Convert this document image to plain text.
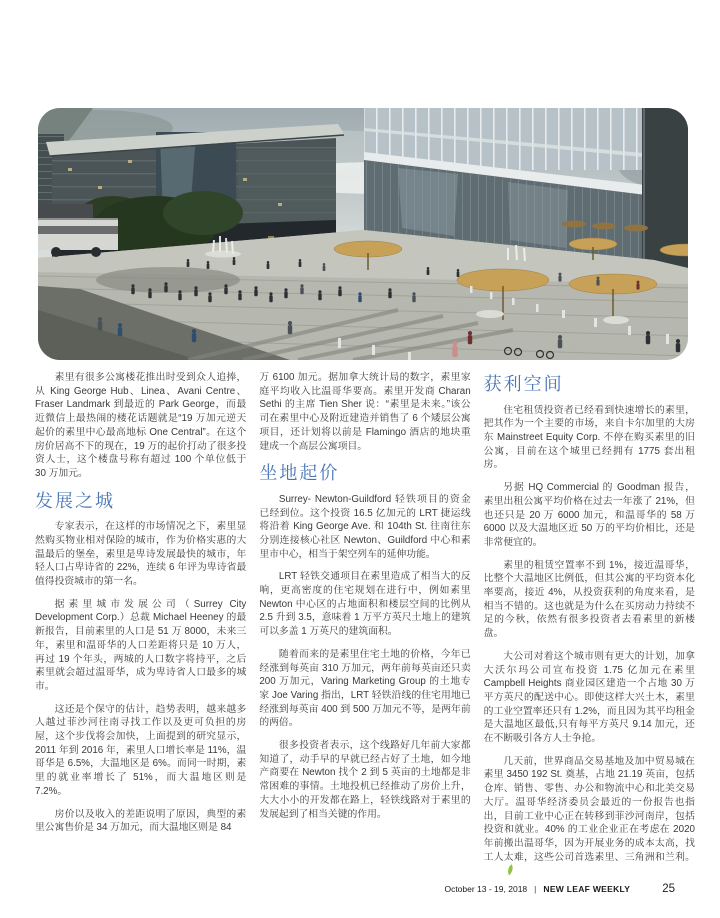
素里有很多公寓楼花推出时受到众人追捧，从 King George Hub、Linea、Avani Centre、Fraser Landmark 到最近的 Park George，而最近微信上最热闹的楼花话题就是“19 万加元逆天起价的素里中心最高地标 One Central”。在这个房价居高不下的现在，19 万的起价打动了很多投资人士，这个楼盘号称有超过 100 个单位低于 30 万加元。

发展之城

专家表示，在这样的市场情况之下，素里显然购买物业相对保险的城市，作为价格实惠的大温最后的堡垒，素里是卑诗发展最快的城市，年轻人口占卑诗省的 22%，连续 6 年评为卑诗省最值得投资城市的第一名。

据素里城市发展公司（Surrey City Development Corp.）总裁 Michael Heeney 的最新报告，目前素里的人口是 51 万 8000，未来三年，素里和温哥华的人口差距将只是 10 万人，再过 19 个年头，两城的人口数字将持平，之后素里就会超过温哥华，成为卑诗省人口最多的城市。

这还是个保守的估计，趋势表明，越来越多人越过菲沙河往南寻找工作以及更可负担的房屋，这个步伐将会加快，上面提到的研究显示，2011 年到 2016 年，素里人口增长率是 11%，温哥华是 6.5%，大温地区是 6%。而同一时期，素里的就业率增长了 51%，而大温地区则是 7.2%。

房价以及收入的差距说明了原因，典型的素里公寓售价是 34 万加元，而大温地区则是 84

万 6100 加元。据加拿大统计局的数字，素里家庭平均收入比温哥华要高。素里开发商 Charan Sethi 的主席 Tien Sher 说：“素里是未来。”该公司在素里中心及附近建造并销售了 6 个矮层公寓项目，还计划将以前是 Flamingo 酒店的地块重建成一个高层公寓项目。

坐地起价

Surrey- Newton-Guildford 轻铁项目的资金已经到位。这个投资 16.5 亿加元的 LRT 捷运线将沿着 King George Ave. 和 104th St. 往南往东分别连接核心社区 Newton、Guildford 中心和素里市中心，相当于架空列车的延伸功能。

LRT 轻铁交通项目在素里造成了相当大的反响，更高密度的住宅规划在进行中，例如素里 Newton 中心区的占地面积和楼层空间的比例从 2.5 升到 3.5，意味着 1 万平方英尺土地上的建筑可以多盖 1 万英尺的建筑面积。

随着而来的是素里住宅土地的价格，今年已经涨到每英亩 310 万加元，两年前每英亩还只卖 200 万加元，Varing Marketing Group 的土地专家 Joe Varing 指出，LRT 轻铁沿线的住宅用地已经涨到每英亩 400 到 500 万加元不等，是两年前的两倍。

很多投资者表示，这个线路好几年前大家都知道了，动手早的早就已经占好了土地，如今地产商要在 Newton 找个 2 到 5 英亩的土地都是非常困难的事情。土地投机已经推动了房价上升，大大小小的开发都在路上，轻铁线路对于素里的发展起到了相当关键的作用。

获利空间

住宅租赁投资者已经看到快速增长的素里，把其作为一个主要的市场，来自卡尔加里的大房东 Mainstreet Equity Corp. 不停在购买素里的旧公寓，目前在这个城里已经拥有 1775 套出租房。

另据 HQ Commercial 的 Goodman 报告，素里出租公寓平均价格在过去一年涨了 21%，但也还只是 20 万 6000 加元，和温哥华的 58 万 6000 以及大温地区近 50 万的平均价相比，还是非常便宜的。

素里的租赁空置率不到 1%，接近温哥华，比整个大温地区比例低，但其公寓的平均资本化率要高，接近 4%，从投资获利的角度来看，是相当不错的。这也就是为什么在买房动力持续不足的今秋，依然有很多投资者去看素里的新楼盘。

大公司对着这个城市则有更大的计划，加拿大沃尔玛公司宣布投资 1.75 亿加元在素里 Campbell Heights 商业园区建造一个占地 30 万平方英尺的配送中心。即使这样大兴土木，素里的工业空置率还只有 1.2%，而且因为其平均租金是大温地区最低,只有每平方英尺 9.14 加元，还在不断吸引各方人士争抢。

几天前，世界商品交易基地及加中贸易城在素里 3450 192 St. 奠基，占地 21.19 英亩，包括仓库、销售、零售、办公和物流中心和北美交易大厅。温哥华经济委员会最近的一份报告也指出，目前工业中心正在转移到菲沙河南岸，包括投资和就业。40% 的工业企业正在考虑在 2020 年前搬出温哥华，因为开展业务的成本太高，找工人太难，这些公司首选素里、三角洲和兰利。

October 13 - 19, 2018 | NEW LEAF WEEKLY	25
